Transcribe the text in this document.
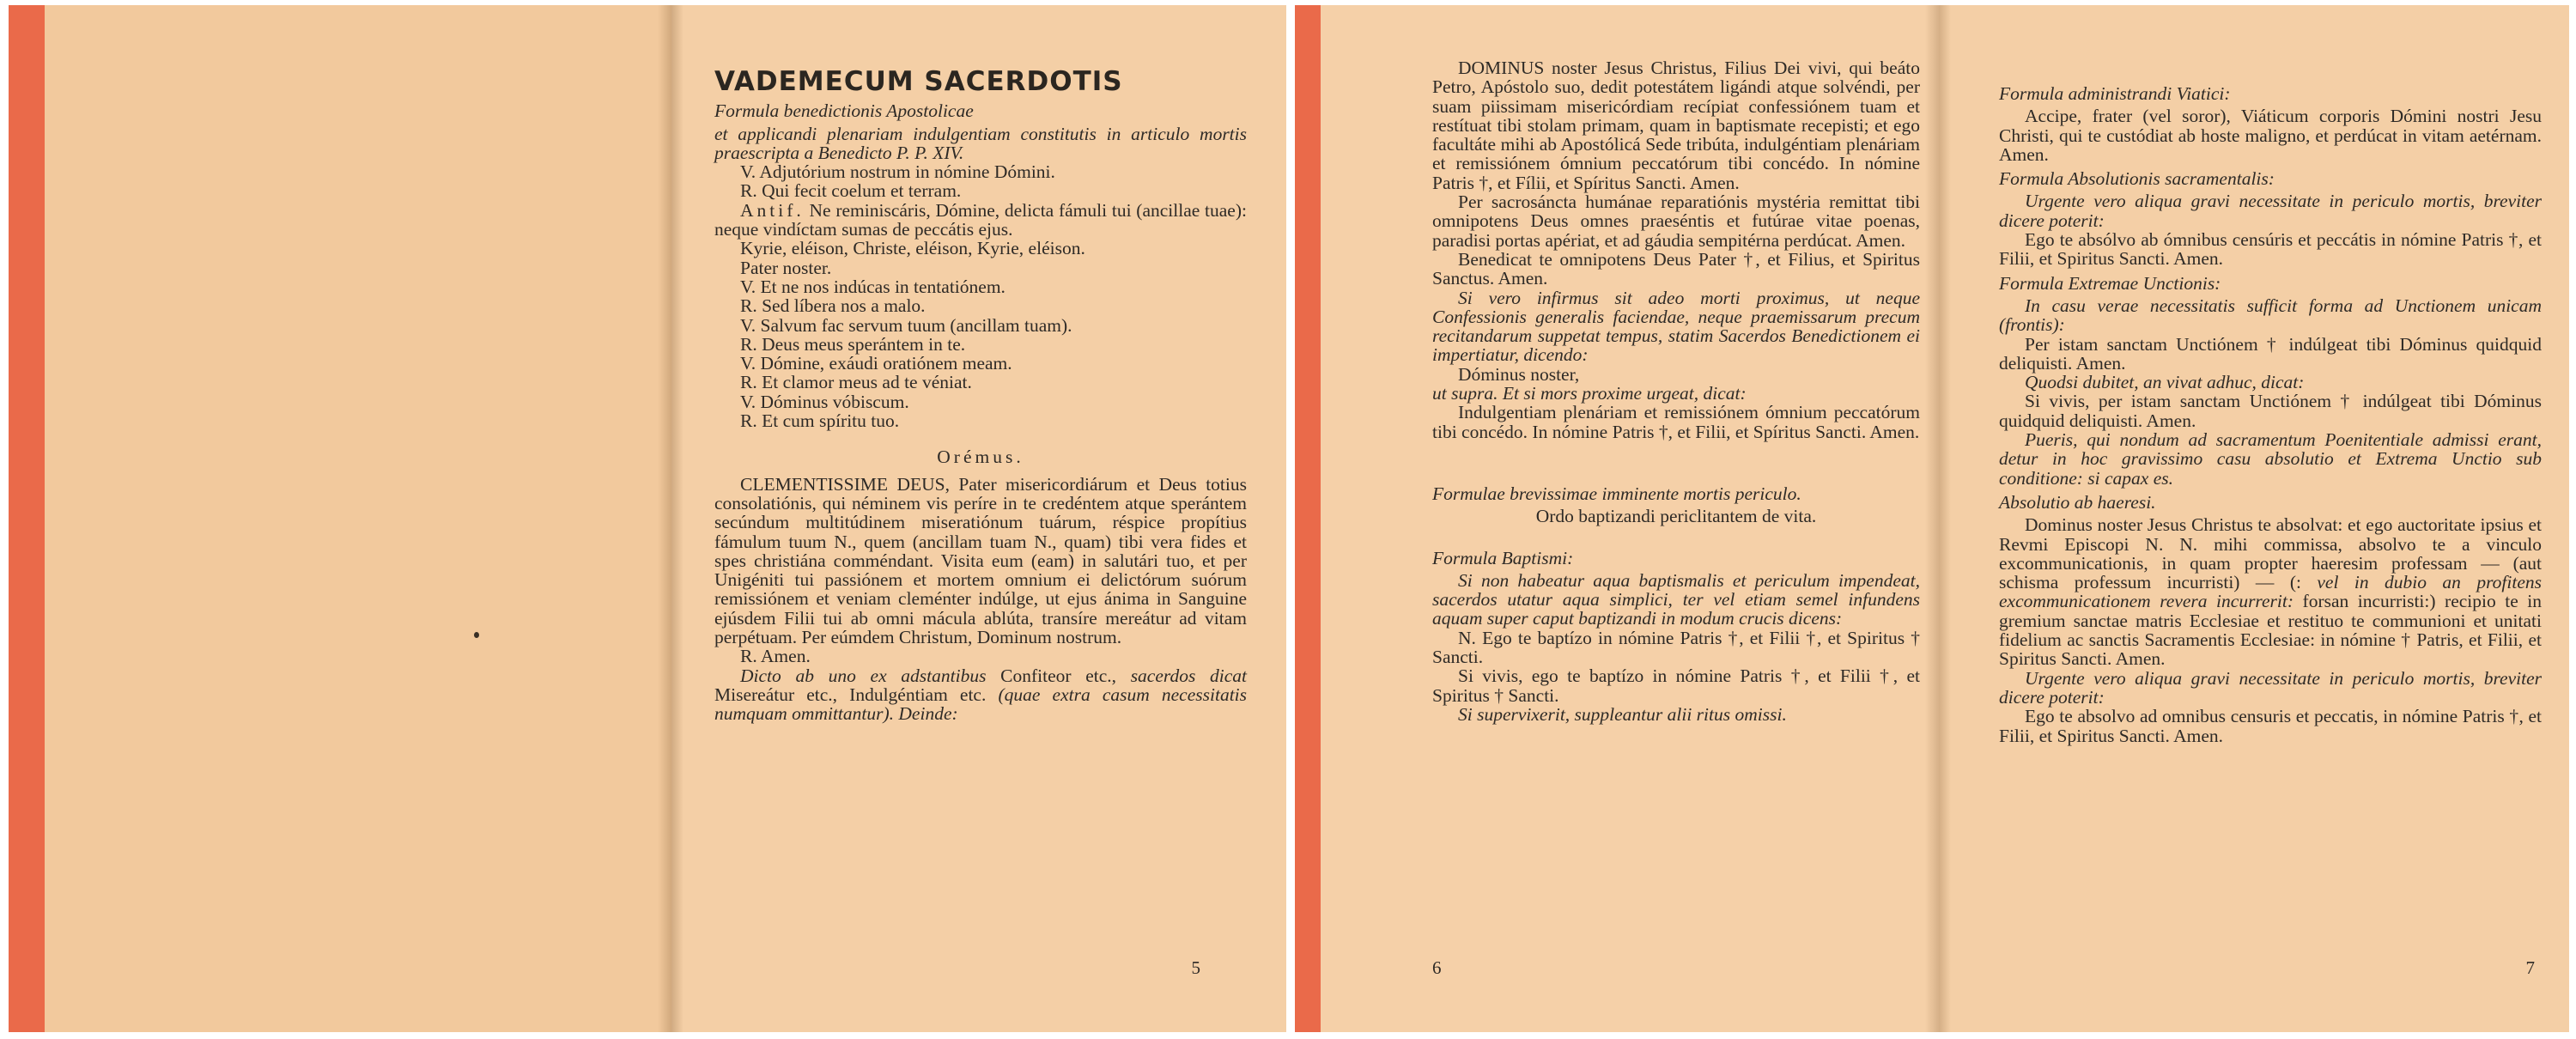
VADEMECUM SACERDOTIS

Formula benedictionis Apostolicae

et applicandi plenariam indulgentiam constitutis in articulo mortis praescripta a Benedicto P. P. XIV.

V. Adjutórium nostrum in nómine Dómini.

R. Qui fecit coelum et terram.

Antif. Ne reminiscáris, Dómine, delicta fámuli tui (ancillae tuae): neque vindíctam sumas de peccátis ejus.

Kyrie, eléison, Christe, eléison, Kyrie, eléison.

Pater noster.

V. Et ne nos indúcas in tentatiónem.

R. Sed líbera nos a malo.

V. Salvum fac servum tuum (ancillam tuam).

R. Deus meus sperántem in te.

V. Dómine, exáudi oratiónem meam.

R. Et clamor meus ad te véniat.

V. Dóminus vóbiscum.

R. Et cum spíritu tuo.

Orémus.

CLEMENTISSIME DEUS, Pater misericordiárum et Deus totius consolatiónis, qui néminem vis períre in te credéntem atque sperántem secúndum multitúdinem miseratiónum tuárum, réspice propítius fámulum tuum N., quem (ancillam tuam N., quam) tibi vera fides et spes christiána comméndant. Visita eum (eam) in salutári tuo, et per Unigéniti tui passiónem et mortem omnium ei delictórum suórum remissiónem et veniam cleménter indúlge, ut ejus ánima in Sanguine ejúsdem Filii tui ab omni mácula ablúta, transíre mereátur ad vitam perpétuam. Per eúmdem Christum, Dominum nostrum.

R. Amen.

Dicto ab uno ex adstantibus Confiteor etc., sacerdos dicat Misereátur etc., Indulgéntiam etc. (quae extra casum necessitatis numquam ommittantur). Deinde:

5

DOMINUS noster Jesus Christus, Filius Dei vivi, qui beáto Petro, Apóstolo suo, dedit potestátem ligándi atque solvéndi, per suam piissimam misericórdiam recípiat confessiónem tuam et restítuat tibi stolam primam, quam in baptismate recepisti; et ego facultáte mihi ab Apostólicá Sede tribúta, indulgéntiam plenáriam et remissiónem ómnium peccatórum tibi concédo. In nómine Patris †, et Fílii, et Spíritus Sancti. Amen.

Per sacrosáncta humánae reparatiónis mystéria remittat tibi omnipotens Deus omnes praeséntis et futúrae vitae poenas, paradisi portas apériat, et ad gáudia sempitérna perdúcat. Amen.

Benedicat te omnipotens Deus Pater †, et Filius, et Spiritus Sanctus. Amen.

Si vero infirmus sit adeo morti proximus, ut neque Confessionis generalis faciendae, neque praemissarum precum recitandarum suppetat tempus, statim Sacerdos Benedictionem ei impertiatur, dicendo:

Dóminus noster,

ut supra. Et si mors proxime urgeat, dicat:

Indulgentiam plenáriam et remissiónem ómnium peccatórum tibi concédo. In nómine Patris †, et Filii, et Spíritus Sancti. Amen.

Formulae brevissimae imminente mortis periculo.

Ordo baptizandi periclitantem de vita.

Formula Baptismi:

Si non habeatur aqua baptismalis et periculum impendeat, sacerdos utatur aqua simplici, ter vel etiam semel infundens aquam super caput baptizandi in modum crucis dicens:

N. Ego te baptízo in nómine Patris †, et Filii †, et Spiritus † Sancti.

Si vivis, ego te baptízo in nómine Patris †, et Filii †, et Spiritus † Sancti.

Si supervixerit, suppleantur alii ritus omissi.

6

Formula administrandi Viatici:

Accipe, frater (vel soror), Viáticum corporis Dómini nostri Jesu Christi, qui te custódiat ab hoste maligno, et perdúcat in vitam aetérnam. Amen.

Formula Absolutionis sacramentalis:

Urgente vero aliqua gravi necessitate in periculo mortis, breviter dicere poterit:

Ego te absólvo ab ómnibus censúris et peccátis in nómine Patris †, et Filii, et Spiritus Sancti. Amen.

Formula Extremae Unctionis:

In casu verae necessitatis sufficit forma ad Unctionem unicam (frontis):

Per istam sanctam Unctiónem † indúlgeat tibi Dóminus quidquid deliquisti. Amen.

Quodsi dubitet, an vivat adhuc, dicat:

Si vivis, per istam sanctam Unctiónem † indúlgeat tibi Dóminus quidquid deliquisti. Amen.

Pueris, qui nondum ad sacramentum Poenitentiale admissi erant, detur in hoc gravissimo casu absolutio et Extrema Unctio sub conditione: si capax es.

Absolutio ab haeresi.

Dominus noster Jesus Christus te absolvat: et ego auctoritate ipsius et Revmi Episcopi N. N. mihi commissa, absolvo te a vinculo excommunicationis, in quam propter haeresim professam — (aut schisma professum incurristi) — (: vel in dubio an profitens excommunicationem revera incurrerit: forsan incurristi:) recipio te in gremium sanctae matris Ecclesiae et restituo te communioni et unitati fidelium ac sanctis Sacramentis Ecclesiae: in nómine † Patris, et Filii, et Spiritus Sancti. Amen.

Urgente vero aliqua gravi necessitate in periculo mortis, breviter dicere poterit:

Ego te absolvo ad omnibus censuris et peccatis, in nómine Patris †, et Filii, et Spiritus Sancti. Amen.

7
